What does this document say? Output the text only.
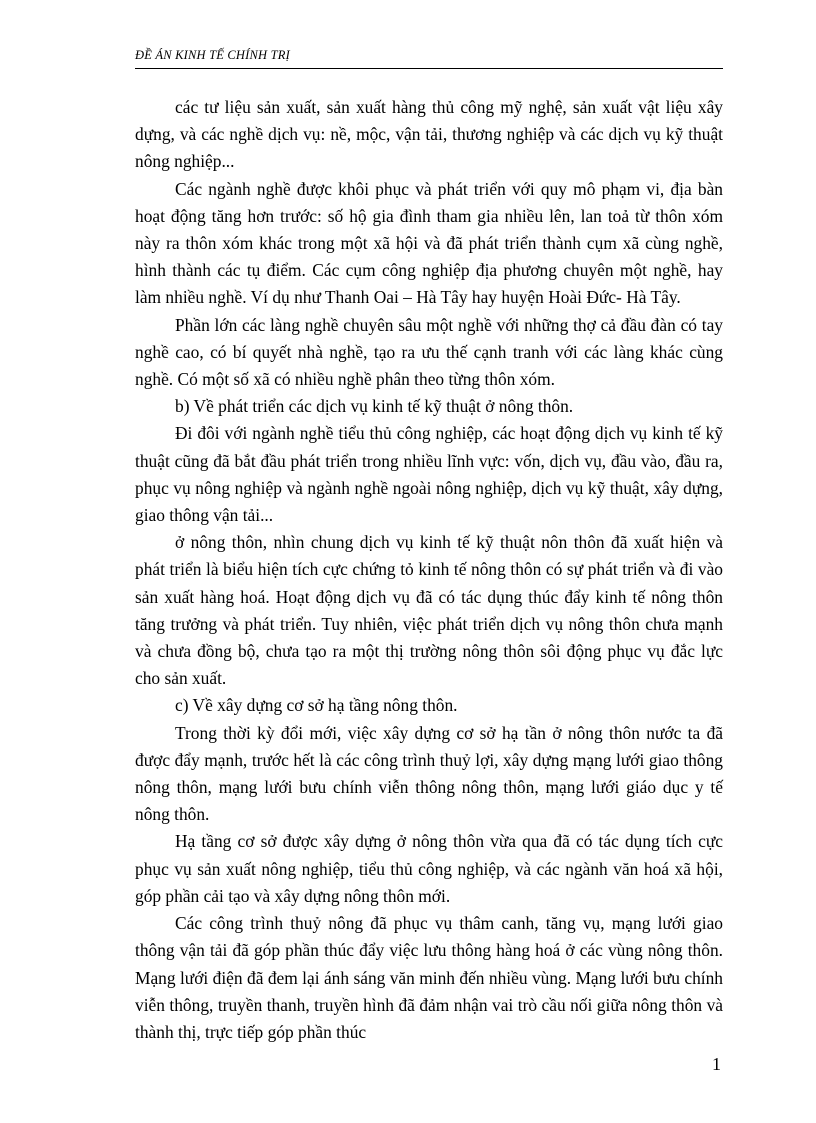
ĐỀ ÁN KINH TẾ CHÍNH TRỊ

các tư liệu sản xuất, sản xuất hàng thủ công mỹ nghệ, sản xuất vật liệu xây dựng, và các nghề dịch vụ: nề, mộc, vận tải, thương nghiệp và các dịch vụ kỹ thuật nông nghiệp...

Các ngành nghề được khôi phục và phát triển với quy mô phạm vi, địa bàn hoạt động tăng hơn trước: số hộ gia đình tham gia nhiều lên, lan toả từ thôn xóm này ra thôn xóm khác trong một xã hội và đã phát triển thành cụm xã cùng nghề, hình thành các tụ điểm. Các cụm công nghiệp địa phương chuyên một nghề, hay làm nhiều nghề. Ví dụ như Thanh Oai – Hà Tây hay huyện Hoài Đức- Hà Tây.

Phần lớn các làng nghề chuyên sâu một nghề với những thợ cả đầu đàn có tay nghề cao, có bí quyết nhà nghề, tạo ra ưu thế cạnh tranh với các làng khác cùng nghề. Có một số xã có nhiều nghề phân theo từng thôn xóm.

b) Về phát triển các dịch vụ kinh tế kỹ thuật ở nông thôn.

Đi đôi với ngành nghề tiểu thủ công nghiệp, các hoạt động dịch vụ kinh tế kỹ thuật cũng đã bắt đầu phát triển trong nhiều lĩnh vực: vốn, dịch vụ, đầu vào, đầu ra, phục vụ nông nghiệp và ngành nghề ngoài nông nghiệp, dịch vụ kỹ thuật, xây dựng, giao thông vận tải...

ở nông thôn, nhìn chung dịch vụ kinh tế kỹ thuật nôn thôn đã xuất hiện và phát triển là biểu hiện tích cực chứng tỏ kinh tế nông thôn có sự phát triển và đi vào sản xuất hàng hoá. Hoạt động dịch vụ đã có tác dụng thúc đẩy kinh tế nông thôn tăng trưởng và phát triển. Tuy nhiên, việc phát triển dịch vụ nông thôn chưa mạnh và chưa đồng bộ, chưa tạo ra một thị trường nông thôn sôi động phục vụ đắc lực cho sản xuất.

c) Về xây dựng cơ sở hạ tầng nông thôn.

Trong thời kỳ đổi mới, việc xây dựng cơ sở hạ tần ở nông thôn nước ta đã được đẩy mạnh, trước hết là các công trình thuỷ lợi, xây dựng mạng lưới giao thông nông thôn, mạng lưới bưu chính viễn thông nông thôn, mạng lưới giáo dục y tế nông thôn.

Hạ tầng cơ sở được xây dựng ở nông thôn vừa qua đã có tác dụng tích cực phục vụ sản xuất nông nghiệp, tiểu thủ công nghiệp, và các ngành văn hoá xã hội, góp phần cải tạo và xây dựng nông thôn mới.

Các công trình thuỷ nông đã phục vụ thâm canh, tăng vụ, mạng lưới giao thông vận tải đã góp phần thúc đẩy việc lưu thông hàng hoá ở các vùng nông thôn. Mạng lưới điện đã đem lại ánh sáng văn minh đến nhiều vùng. Mạng lưới bưu chính viễn thông, truyền thanh, truyền hình đã đảm nhận vai trò cầu nối giữa nông thôn và thành thị, trực tiếp góp phần thúc

1
